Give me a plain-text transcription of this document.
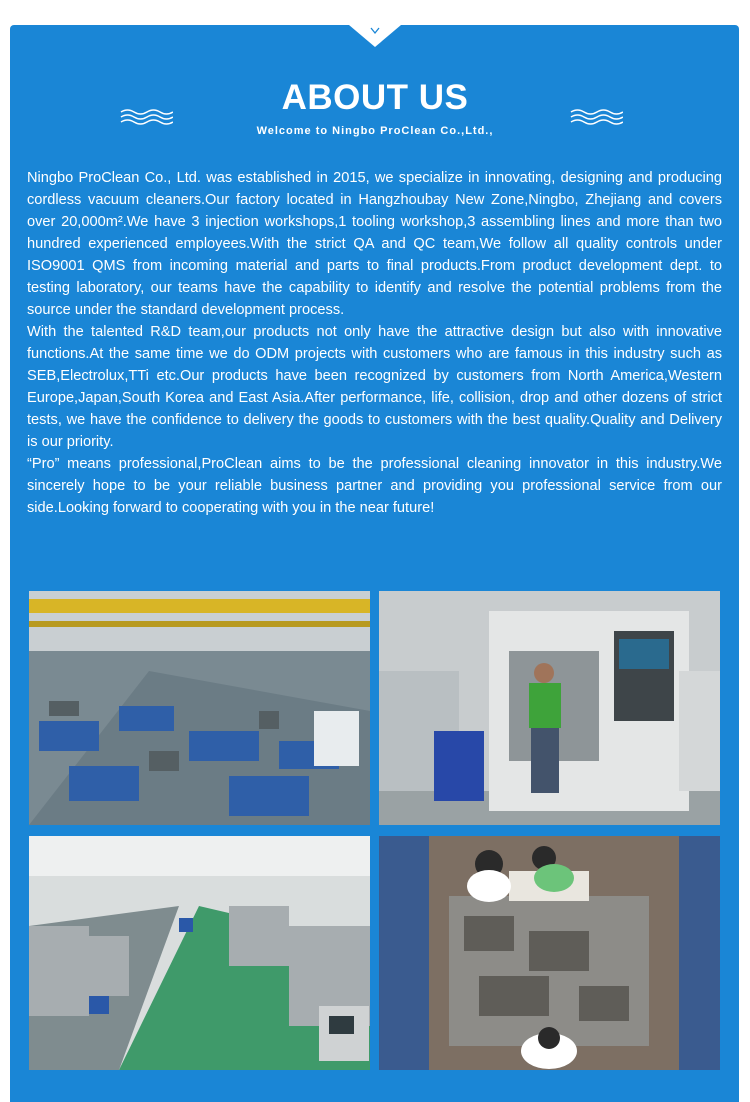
ABOUT US
Welcome to Ningbo ProClean Co.,Ltd.,

Ningbo ProClean Co., Ltd. was established in 2015, we specialize in innovating, designing and producing cordless vacuum cleaners.Our factory located in Hangzhoubay New Zone,Ningbo, Zhejiang and covers over 20,000m².We have 3 injection workshops,1 tooling workshop,3 assembling lines and more than two hundred experienced employees.With the strict QA and QC team,We follow all quality controls under ISO9001 QMS from incoming material and parts to final products.From product development dept. to testing laboratory, our teams have the capability to identify and resolve the potential problems from the source under the standard development process.

With the talented R&D team,our products not only have the attractive design but also with innovative functions.At the same time we do ODM projects with customers who are famous in this industry such as SEB,Electrolux,TTi etc.Our products have been recognized by customers from North America,Western Europe,Japan,South Korea and East Asia.After performance, life, collision, drop and other dozens of strict tests, we have the confidence to delivery the goods to customers with the best quality.Quality and Delivery is our priority.

“Pro” means professional,ProClean aims to be the professional cleaning innovator in this industry.We sincerely hope to be your reliable business partner and providing you professional service from our side.Looking forward to cooperating with you in the near future!
